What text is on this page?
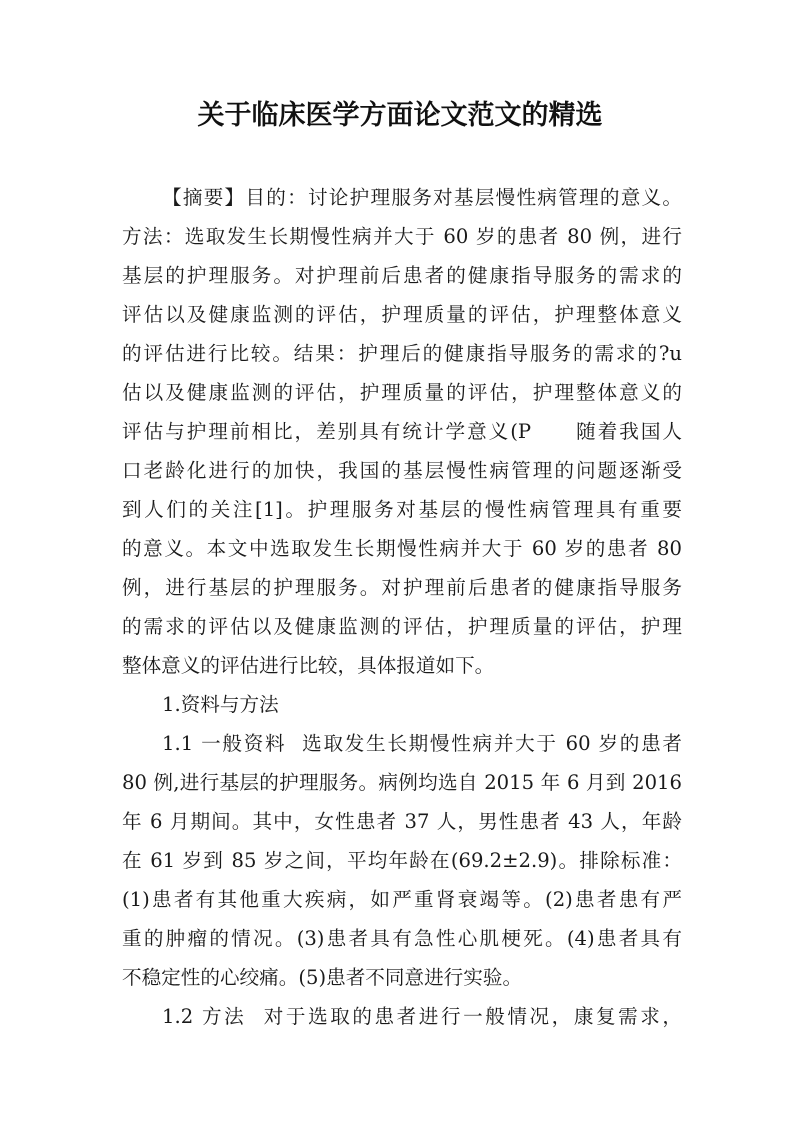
关于临床医学方面论文范文的精选
【摘要】目的：讨论护理服务对基层慢性病管理的意义。
方法：选取发生长期慢性病并大于 60 岁的患者 80 例，进行
基层的护理服务。对护理前后患者的健康指导服务的需求的
评估以及健康监测的评估，护理质量的评估，护理整体意义
的评估进行比较。结果：护理后的健康指导服务的需求的?u
估以及健康监测的评估，护理质量的评估，护理整体意义的
评估与护理前相比，差别具有统计学意义(P　　随着我国人
口老龄化进行的加快，我国的基层慢性病管理的问题逐渐受
到人们的关注[1]。护理服务对基层的慢性病管理具有重要
的意义。本文中选取发生长期慢性病并大于 60 岁的患者 80
例，进行基层的护理服务。对护理前后患者的健康指导服务
的需求的评估以及健康监测的评估，护理质量的评估，护理
整体意义的评估进行比较，具体报道如下。
1.资料与方法
1.1 一般资料  选取发生长期慢性病并大于 60 岁的患者
80 例,进行基层的护理服务。病例均选自 2015 年 6 月到 2016
年 6 月期间。其中，女性患者 37 人，男性患者 43 人，年龄
在 61 岁到 85 岁之间，平均年龄在(69.2±2.9)。排除标准：
(1)患者有其他重大疾病，如严重肾衰竭等。(2)患者患有严
重的肿瘤的情况。(3)患者具有急性心肌梗死。(4)患者具有
不稳定性的心绞痛。(5)患者不同意进行实验。
1.2 方法  对于选取的患者进行一般情况，康复需求，
